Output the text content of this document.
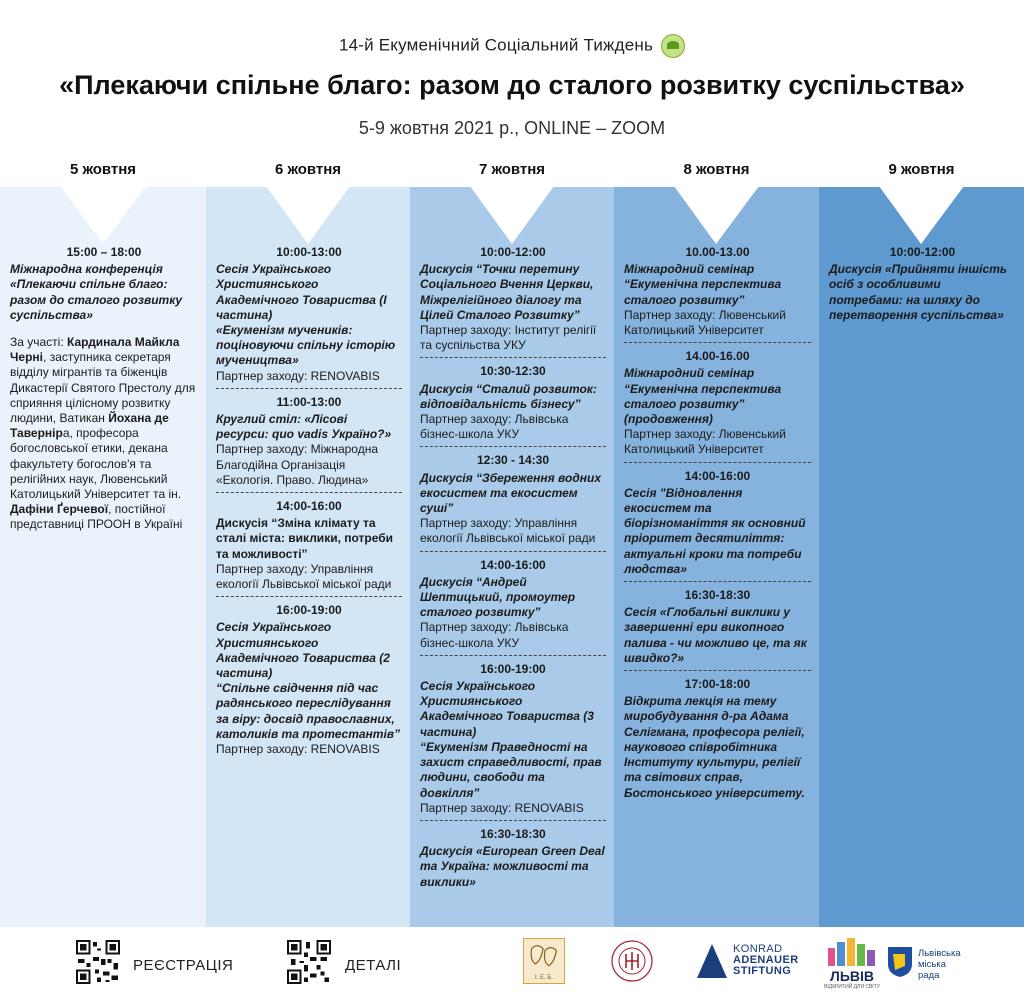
14-й Екуменічний Соціальний Тиждень
«Плекаючи спільне благо: разом до сталого розвитку суспільства»
5-9 жовтня 2021 р., ONLINE – ZOOM
5 жовтня
15:00 – 18:00
Міжнародна конференція «Плекаючи спільне благо: разом до сталого розвитку суспільства»
За участі: Кардинала Майкла Черні, заступника секретаря відділу мігрантів та біженців Дикастерії Святого Престолу для сприяння цілісному розвитку людини, Ватикан Йохана де Таверніра, професора богословської етики, декана факультету богослов'я та релігійних наук, Лювенський Католицький Університет та ін. Дафіни Ґерчевої, постійної представниці ПРООН в Україні
6 жовтня
10:00-13:00
Сесія Українського Християнського Академічного Товариства (І частина)
«Екуменізм мучеників: поціновуючи спільну історію мучеництва»
Партнер заходу: RENOVABIS
11:00-13:00
Круглий стіл: «Лісові ресурси: quo vadis Україно?»
Партнер заходу: Міжнародна Благодійна Організація «Екологія. Право. Людина»
14:00-16:00
Дискусія “Зміна клімату та сталі міста: виклики, потреби та можливості”
Партнер заходу: Управління екології Львівської міської ради
16:00-19:00
Сесія Українського Християнського Академічного Товариства (2 частина)
“Спільне свідчення під час радянського переслідування за віру: досвід православних, католиків та протестантів”
Партнер заходу: RENOVABIS
7 жовтня
10:00-12:00
Дискусія “Точки перетину Соціального Вчення Церкви, Міжрелігійного діалогу та Цілей Сталого Розвитку”
Партнер заходу: Інститут релігії та суспільства УКУ
10:30-12:30
Дискусія “Сталий розвиток: відповідальність бізнесу”
Партнер заходу: Львівська бізнес-школа УКУ
12:30 - 14:30
Дискусія “Збереження водних екосистем та екосистем суші”
Партнер заходу: Управління екології Львівської міської ради
14:00-16:00
Дискусія “Андрей Шептицький, промоутер сталого розвитку”
Партнер заходу: Львівська бізнес-школа УКУ
16:00-19:00
Сесія Українського Християнського Академічного Товариства (3 частина)
“Екуменізм Праведності на захист справедливості, прав людини, свободи та довкілля”
Партнер заходу: RENOVABIS
16:30-18:30
Дискусія «European Green Deal та Україна: можливості та виклики»
8 жовтня
10.00-13.00
Міжнародний семінар “Екуменічна перспектива сталого розвитку”
Партнер заходу: Лювенський Католицький Університет
14.00-16.00
Міжнародний семінар “Екуменічна перспектива сталого розвитку” (продовження)
Партнер заходу: Лювенський Католицький Університет
14:00-16:00
Сесія "Відновлення екосистем та біорізноманіття як основний пріоритет десятиліття: актуальні кроки та потреби людства»
16:30-18:30
Сесія «Глобальні виклики у завершенні ери викопного палива - чи можливо це, та як швидко?»
17:00-18:00
Відкрита лекція на тему миробудування д-ра Адама Селігмана, професора релігії, наукового співробітника Інституту культури, релігії та світових справ, Бостонського університету.
9 жовтня
10:00-12:00
Дискусія «Прийняти іншість осіб з особливими потребами: на шляху до перетворення суспільства»
РЕЄСТРАЦІЯ	ДЕТАЛІ
І. Е. Б.
KONRAD
ADENAUER
STIFTUNG	ЛЬВІВ
ВІДКРИТИЙ ДЛЯ СВІТУ
Львівська
міська
рада
